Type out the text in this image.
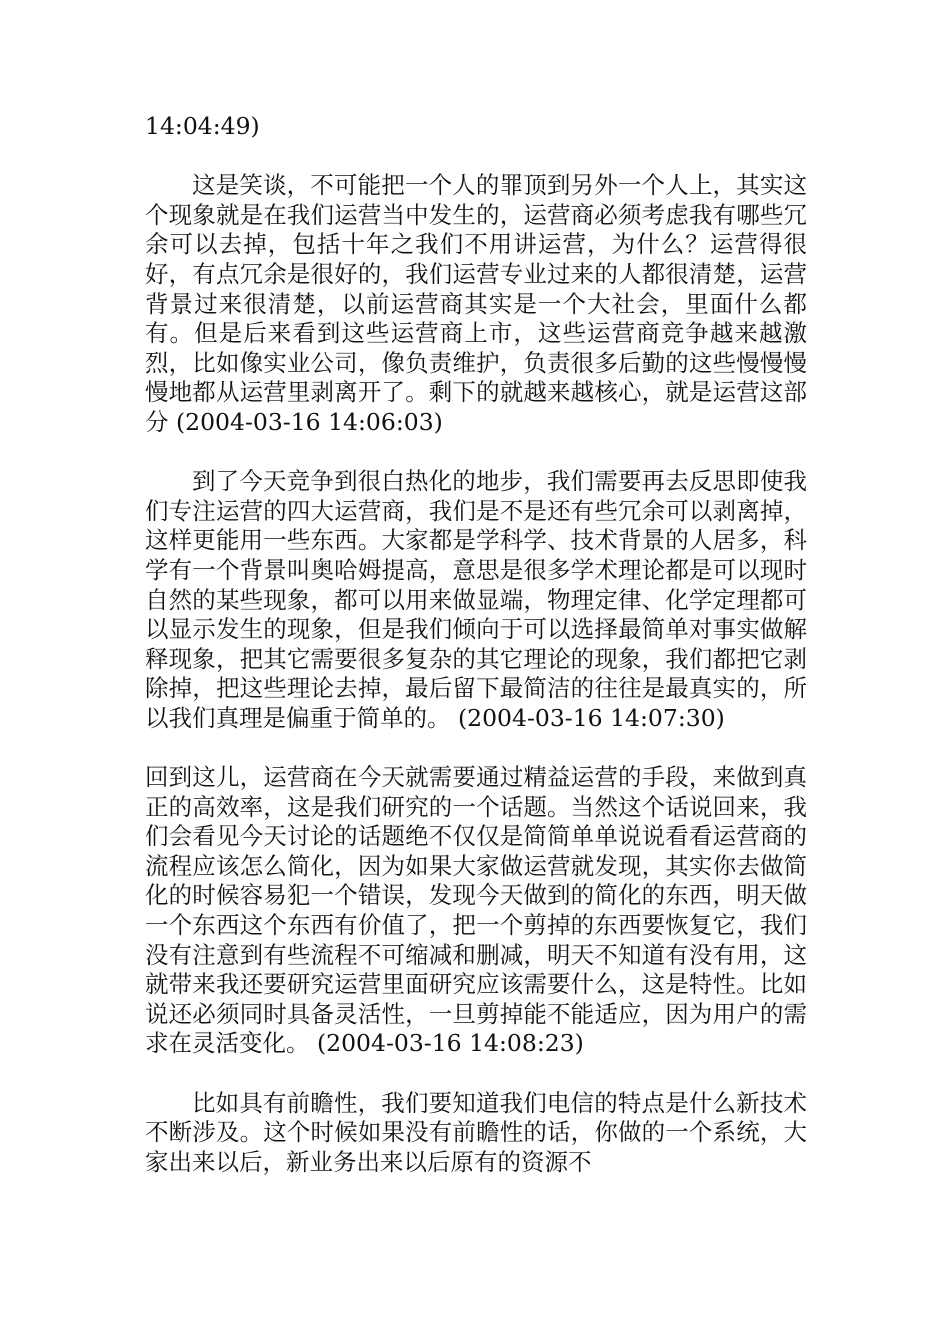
14:04:49)

这是笑谈，不可能把一个人的罪顶到另外一个人上，其实这个现象就是在我们运营当中发生的，运营商必须考虑我有哪些冗余可以去掉，包括十年之我们不用讲运营，为什么？运营得很好，有点冗余是很好的，我们运营专业过来的人都很清楚，运营背景过来很清楚，以前运营商其实是一个大社会，里面什么都有。但是后来看到这些运营商上市，这些运营商竞争越来越激烈，比如像实业公司，像负责维护，负责很多后勤的这些慢慢慢慢地都从运营里剥离开了。剩下的就越来越核心，就是运营这部分 (2004-03-16 14:06:03)

到了今天竞争到很白热化的地步，我们需要再去反思即使我们专注运营的四大运营商，我们是不是还有些冗余可以剥离掉，这样更能用一些东西。大家都是学科学、技术背景的人居多，科学有一个背景叫奥哈姆提高，意思是很多学术理论都是可以现时自然的某些现象，都可以用来做显端，物理定律、化学定理都可以显示发生的现象，但是我们倾向于可以选择最简单对事实做解释现象，把其它需要很多复杂的其它理论的现象，我们都把它剥除掉，把这些理论去掉，最后留下最简洁的往往是最真实的，所以我们真理是偏重于简单的。 (2004-03-16 14:07:30)

回到这儿，运营商在今天就需要通过精益运营的手段，来做到真正的高效率，这是我们研究的一个话题。当然这个话说回来，我们会看见今天讨论的话题绝不仅仅是简简单单说说看看运营商的流程应该怎么简化，因为如果大家做运营就发现，其实你去做简化的时候容易犯一个错误，发现今天做到的简化的东西，明天做一个东西这个东西有价值了，把一个剪掉的东西要恢复它，我们没有注意到有些流程不可缩减和删减，明天不知道有没有用，这就带来我还要研究运营里面研究应该需要什么，这是特性。比如说还必须同时具备灵活性，一旦剪掉能不能适应，因为用户的需求在灵活变化。 (2004-03-16 14:08:23)

比如具有前瞻性，我们要知道我们电信的特点是什么新技术不断涉及。这个时候如果没有前瞻性的话，你做的一个系统，大家出来以后，新业务出来以后原有的资源不
